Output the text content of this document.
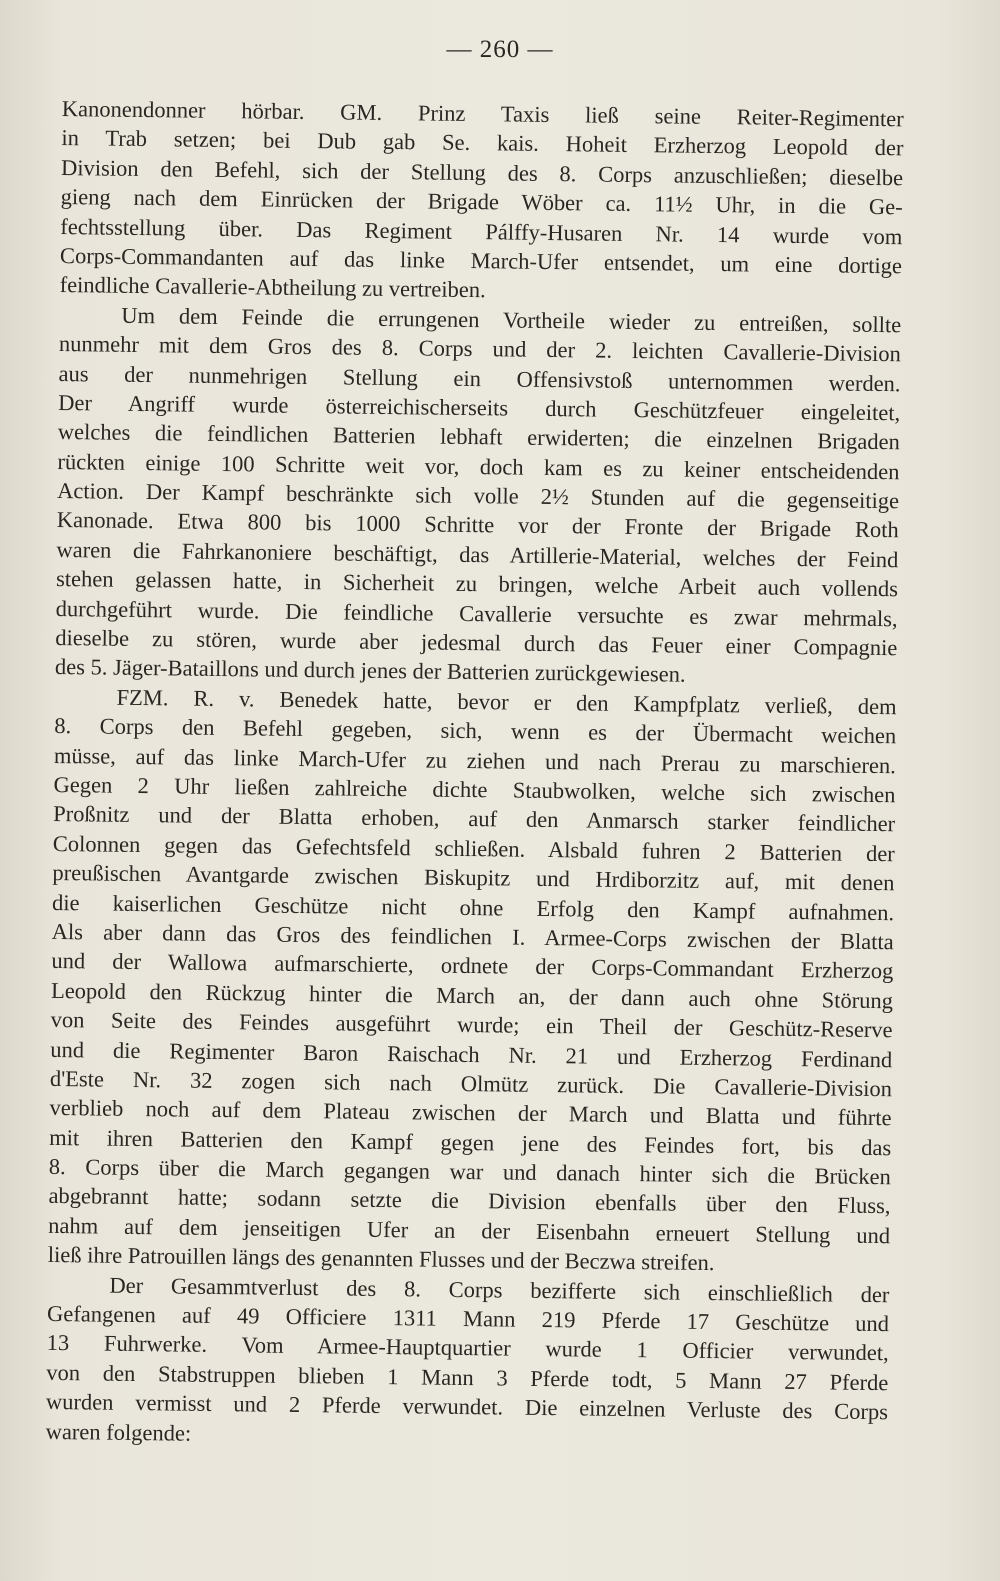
— 260 —
Kanonendonner hörbar. GM. Prinz Taxis ließ seine Reiter-Regimenter
in Trab setzen; bei Dub gab Se. kais. Hoheit Erzherzog Leopold der
Division den Befehl, sich der Stellung des 8. Corps anzuschließen; dieselbe
gieng nach dem Einrücken der Brigade Wöber ca. 11½ Uhr, in die Ge-
fechtsstellung über. Das Regiment Pálffy-Husaren Nr. 14 wurde vom
Corps-Commandanten auf das linke March-Ufer entsendet, um eine dortige
feindliche Cavallerie-Abtheilung zu vertreiben.
Um dem Feinde die errungenen Vortheile wieder zu entreißen, sollte
nunmehr mit dem Gros des 8. Corps und der 2. leichten Cavallerie-Division
aus der nunmehrigen Stellung ein Offensivstoß unternommen werden.
Der Angriff wurde österreichischerseits durch Geschützfeuer eingeleitet,
welches die feindlichen Batterien lebhaft erwiderten; die einzelnen Brigaden
rückten einige 100 Schritte weit vor, doch kam es zu keiner entscheidenden
Action. Der Kampf beschränkte sich volle 2½ Stunden auf die gegenseitige
Kanonade. Etwa 800 bis 1000 Schritte vor der Fronte der Brigade Roth
waren die Fahrkanoniere beschäftigt, das Artillerie-Material, welches der Feind
stehen gelassen hatte, in Sicherheit zu bringen, welche Arbeit auch vollends
durchgeführt wurde. Die feindliche Cavallerie versuchte es zwar mehrmals,
dieselbe zu stören, wurde aber jedesmal durch das Feuer einer Compagnie
des 5. Jäger-Bataillons und durch jenes der Batterien zurückgewiesen.
FZM. R. v. Benedek hatte, bevor er den Kampfplatz verließ, dem
8. Corps den Befehl gegeben, sich, wenn es der Übermacht weichen
müsse, auf das linke March-Ufer zu ziehen und nach Prerau zu marschieren.
Gegen 2 Uhr ließen zahlreiche dichte Staubwolken, welche sich zwischen
Proßnitz und der Blatta erhoben, auf den Anmarsch starker feindlicher
Colonnen gegen das Gefechtsfeld schließen. Alsbald fuhren 2 Batterien der
preußischen Avantgarde zwischen Biskupitz und Hrdiborzitz auf, mit denen
die kaiserlichen Geschütze nicht ohne Erfolg den Kampf aufnahmen.
Als aber dann das Gros des feindlichen I. Armee-Corps zwischen der Blatta
und der Wallowa aufmarschierte, ordnete der Corps-Commandant Erzherzog
Leopold den Rückzug hinter die March an, der dann auch ohne Störung
von Seite des Feindes ausgeführt wurde; ein Theil der Geschütz-Reserve
und die Regimenter Baron Raischach Nr. 21 und Erzherzog Ferdinand
d'Este Nr. 32 zogen sich nach Olmütz zurück. Die Cavallerie-Division
verblieb noch auf dem Plateau zwischen der March und Blatta und führte
mit ihren Batterien den Kampf gegen jene des Feindes fort, bis das
8. Corps über die March gegangen war und danach hinter sich die Brücken
abgebrannt hatte; sodann setzte die Division ebenfalls über den Fluss,
nahm auf dem jenseitigen Ufer an der Eisenbahn erneuert Stellung und
ließ ihre Patrouillen längs des genannten Flusses und der Beczwa streifen.
Der Gesammtverlust des 8. Corps bezifferte sich einschließlich der
Gefangenen auf 49 Officiere 1311 Mann 219 Pferde 17 Geschütze und
13 Fuhrwerke. Vom Armee-Hauptquartier wurde 1 Officier verwundet,
von den Stabstruppen blieben 1 Mann 3 Pferde todt, 5 Mann 27 Pferde
wurden vermisst und 2 Pferde verwundet. Die einzelnen Verluste des Corps
waren folgende:
